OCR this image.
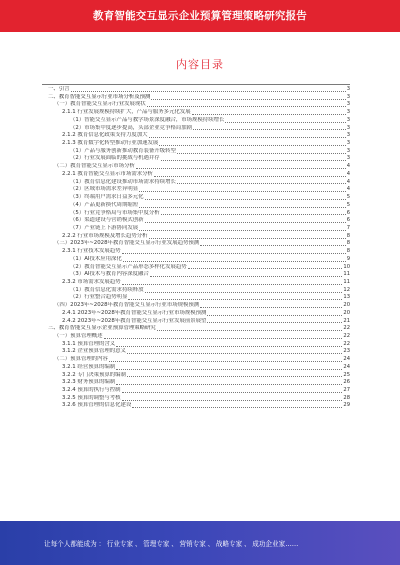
教育智能交互显示企业预算管理策略研究报告
内容目录
一、引言	3
二、教育智能交互显示行业市场分析及预测	3
（一）教育智能交互显示行业发展现状	3
2.1.1 行业发展规模持续扩大，产品与服务多元化发展	3
（1）智能交互显示产品与教学场景深度融合，市场规模持续增长	3
（2）市场集中度逐步提高，头部企业竞争格局加剧	3
2.1.2 教育信息化政策支持力度加大	3
2.1.3 教育数字化转型推动行业加速发展	3
（1）产品与服务创新推动教育装备升级转型	3
（2）行业发展面临的挑战与机遇并存	3
（二）教育智能交互显示市场分析	4
2.2.1 教育智能交互显示市场需求分析	4
（1）教育信息化建设推动市场需求持续增长	4
（2）区域市场需求差异明显	4
（3）终端用户需求日益多元化	5
（4）产品更新换代周期缩短	5
（5）行业竞争格局与市场集中度分析	6
（6）渠道建设与营销模式创新	6
（7）产业链上下游协同发展	7
2.2.2 行业市场规模及增长趋势分析	8
（三）2023年~2028年教育智能交互显示行业发展趋势预测	8
2.3.1 行业技术发展趋势	8
（1）AI技术应用深化	9
（2）教育智能交互显示产品形态多样化发展趋势	10
（3）AI技术与教育内容深度融合	11
2.3.2 市场需求发展趋势	11
（1）教育信息化需求持续释放	12
（2）行业整合趋势明显	13
（四）2023年~2028年教育智能交互显示行业市场规模预测	20
2.4.1 2023年~2028年教育智能交互显示行业市场规模预测	20
2.4.2 2023年~2028年教育智能交互显示行业发展前景展望	21
三、教育智能交互显示企业预算管理策略研究	22
（一）预算管理概述	22
3.1.1 预算管理的含义	22
3.1.2 企业预算管理的意义	23
（二）预算管理的内容	24
3.2.1 经营预算的编制	24
3.2.2 专门决策预算的编制	25
3.2.3 财务预算的编制	26
3.2.4 预算的执行与控制	27
3.2.5 预算的调整与考核	28
3.2.6 预算管理的信息化建设	29
让每个人都能成为 ： 行业专家 、 管理专家 、 营销专家 、 战略专家 、 成功企业家……
